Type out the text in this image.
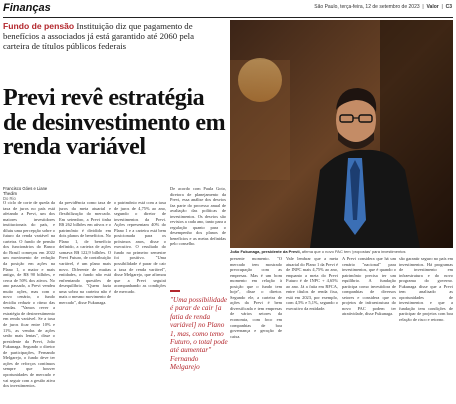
Finanças	São Paulo, terça-feira, 12 de setembro de 2023  |  Valor  |  C3
Fundo de pensão Instituição diz que pagamento de benefícios a associados já está garantido até 2060 pela carteira de títulos públicos federais
Previ revê estratégia de desinvestimento em renda variável
João Fukunaga, presidente da Previi, afirma que o novo PAC tem 'propostas' para investimentos
Francisco Góes e Liane Thedim
Do Rio
O ciclo de corte de queda da taxa de juros no país está afetando a Previ, um dos maiores investidores institucionais do país, e diluiu uma percepção sobre o futuro da renda variável na carteira. O fundo de pensão dos funcionários do Banco do Brasil começou em 2022 um movimento de redução da posição em ações na Plano 1, o maior e mais antigo, de R$ 90 bilhões, e cerca de 50% dos ativos. No ano passado, a Previ vendeu muito ações, mas com o novo cenário, o fundo decidiu reduzir o ritmo das vendas. "Vamos rever a estratégia de desinvestimento em renda variável. Se a taxa de juros ficar entre 10% e 11%, as vendas de ações serão mais lentas", disse o presidente da Previ, João Fukunaga. Segundo o diretor de participações, Fernando Melgarejo, o fundo deve ter ações de reforços contínuos sempre que houver oportunidades de mercado e vai seguir com a gestão ativa dos investimentos.
da previdência como taxa de juros da meta atuarial e flexibilização do mercado. Em setembro, a Previ tinha R$ 262 bilhões em ativos e o patrimônio é dividido em dois planos de benefícios. No Plano 1, de benefício definido, a carteira de ações somava R$ 122,9 bilhões. O Previ Futuro, de contribuição variável, é um plano mais novo. Diferente de muitas entidades, o fundo não está enfrentando questões de desequilíbrio. "Quem fazia uma sobra na carteira não é mais o mesmo movimento de mercado", disse Fukunaga.
o patrimônio está com a taxa de juros de 4,75% ao ano, segundo o diretor de investimentos da Previ. Ações representam 40% do Plano 1 e a carteira está bem posicionada para os próximos anos, disse o executivo. O resultado do fundo no primeiro semestre foi positivo. "Uma possibilidade é parar de cair a taxa de renda variável", disse Melgarejo, que afirmou que a Previ seguirá acompanhando as condições de mercado.
De acordo com Paula Goto, diretora de planejamento da Previ, essa análise dos desvios faz parte do processo anual de avaliação das políticas de investimentos. Os desvios são revistos a cada ano, tanto para a regulação quanto para o desempenho dos planos de benefícios e as metas definidas pelo conselho.
"Uma possibilidade é parar de cair [a fatia de renda variável] no Plano 1, mas, como temo Futuro, o total pode até aumentar"
Fernando Melgarejo
presente momento. "O mercado tem mostrado preocupação com as empresas. Mas é um bom momento em relação à posição que o fundo tem hoje", disse o diretor. Segundo ele, a carteira de ações da Previ é bem diversificada e tem empresas de vários setores da economia, com foco em companhias de boa governança e geração de caixa.
Vale lembrar que a meta atuarial do Plano 1 da Previ é de INPC mais 4,75% ao ano, enquanto a meta do Previ Futuro é de INPC + 4,65% ao ano. Já a fatia em RFCA, entre títulos de renda fixa, está em 2023, por exemplo, com 4,5% e 5,1%, segundo o executivo da entidade.
A Previ considera que há um cenário "nacional" para investimentos, que é quando o patrimônio precisa ter um equilíbrio. A fundação participa como investidora de companhias de diversos setores e considera que os projetos de infraestrutura do novo PAC podem ter atratividade, disse Fukunaga.
são garantir seguro no país em investimentos. Há programas de investimento em infraestrutura e do novo programa do governo. Fukunaga disse que a Previ tem analisado as oportunidades de investimentos e que a fundação tem condições de participar de projetos com boa relação de risco e retorno.
